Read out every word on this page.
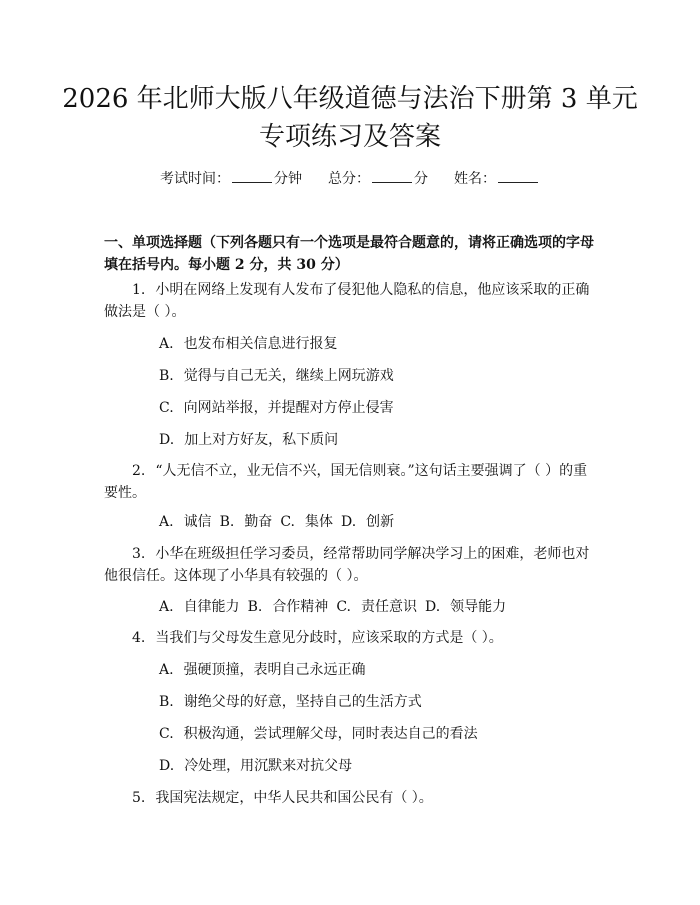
2026 年北师大版八年级道德与法治下册第 3 单元专项练习及答案
考试时间：	分钟 总分：	分 姓名：

一、单项选择题（下列各题只有一个选项是最符合题意的，请将正确选项的字母填在括号内。每小题 2 分，共 30 分）

1. 小明在网络上发现有人发布了侵犯他人隐私的信息，他应该采取的正确做法是（ ）。

A. 也发布相关信息进行报复

B. 觉得与自己无关，继续上网玩游戏

C. 向网站举报，并提醒对方停止侵害

D. 加上对方好友，私下质问

2. “人无信不立，业无信不兴，国无信则衰。”这句话主要强调了（ ）的重要性。

A. 诚信 B. 勤奋 C. 集体 D. 创新

3. 小华在班级担任学习委员，经常帮助同学解决学习上的困难，老师也对他很信任。这体现了小华具有较强的（ ）。

A. 自律能力 B. 合作精神 C. 责任意识 D. 领导能力

4. 当我们与父母发生意见分歧时，应该采取的方式是（ ）。

A. 强硬顶撞，表明自己永远正确

B. 谢绝父母的好意，坚持自己的生活方式

C. 积极沟通，尝试理解父母，同时表达自己的看法

D. 冷处理，用沉默来对抗父母

5. 我国宪法规定，中华人民共和国公民有（ ）。
